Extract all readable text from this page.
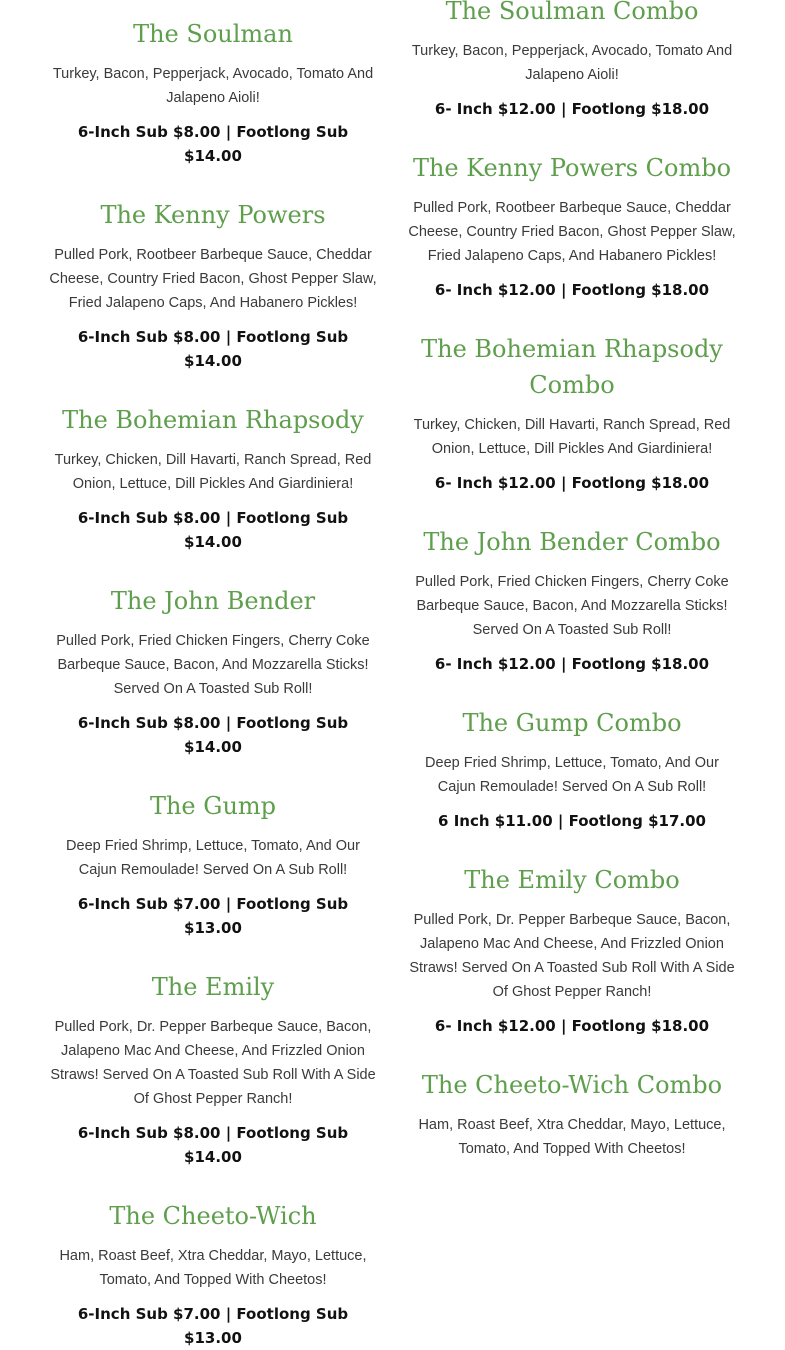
The Soulman

Turkey, Bacon, Pepperjack, Avocado, Tomato And Jalapeno Aioli!

6-Inch Sub $8.00 | Footlong Sub $14.00

The Kenny Powers

Pulled Pork, Rootbeer Barbeque Sauce, Cheddar Cheese, Country Fried Bacon, Ghost Pepper Slaw, Fried Jalapeno Caps, And Habanero Pickles!

6-Inch Sub $8.00 | Footlong Sub $14.00

The Bohemian Rhapsody

Turkey, Chicken, Dill Havarti, Ranch Spread, Red Onion, Lettuce, Dill Pickles And Giardiniera!

6-Inch Sub $8.00 | Footlong Sub $14.00

The John Bender

Pulled Pork, Fried Chicken Fingers, Cherry Coke Barbeque Sauce, Bacon, And Mozzarella Sticks! Served On A Toasted Sub Roll!

6-Inch Sub $8.00 | Footlong Sub $14.00

The Gump

Deep Fried Shrimp, Lettuce, Tomato, And Our Cajun Remoulade! Served On A Sub Roll!

6-Inch Sub $7.00 | Footlong Sub $13.00

The Emily

Pulled Pork, Dr. Pepper Barbeque Sauce, Bacon, Jalapeno Mac And Cheese, And Frizzled Onion Straws! Served On A Toasted Sub Roll With A Side Of Ghost Pepper Ranch!

6-Inch Sub $8.00 | Footlong Sub $14.00

The Cheeto-Wich

Ham, Roast Beef, Xtra Cheddar, Mayo, Lettuce, Tomato, And Topped With Cheetos!

6-Inch Sub $7.00 | Footlong Sub $13.00

The Soulman Combo

Turkey, Bacon, Pepperjack, Avocado, Tomato And Jalapeno Aioli!

6- Inch $12.00 | Footlong $18.00

The Kenny Powers Combo

Pulled Pork, Rootbeer Barbeque Sauce, Cheddar Cheese, Country Fried Bacon, Ghost Pepper Slaw, Fried Jalapeno Caps, And Habanero Pickles!

6- Inch $12.00 | Footlong $18.00

The Bohemian Rhapsody Combo

Turkey, Chicken, Dill Havarti, Ranch Spread, Red Onion, Lettuce, Dill Pickles And Giardiniera!

6- Inch $12.00 | Footlong $18.00

The John Bender Combo

Pulled Pork, Fried Chicken Fingers, Cherry Coke Barbeque Sauce, Bacon, And Mozzarella Sticks! Served On A Toasted Sub Roll!

6- Inch $12.00 | Footlong $18.00

The Gump Combo

Deep Fried Shrimp, Lettuce, Tomato, And Our Cajun Remoulade! Served On A Sub Roll!

6 Inch $11.00 | Footlong $17.00

The Emily Combo

Pulled Pork, Dr. Pepper Barbeque Sauce, Bacon, Jalapeno Mac And Cheese, And Frizzled Onion Straws! Served On A Toasted Sub Roll With A Side Of Ghost Pepper Ranch!

6- Inch $12.00 | Footlong $18.00

The Cheeto-Wich Combo

Ham, Roast Beef, Xtra Cheddar, Mayo, Lettuce, Tomato, And Topped With Cheetos!
